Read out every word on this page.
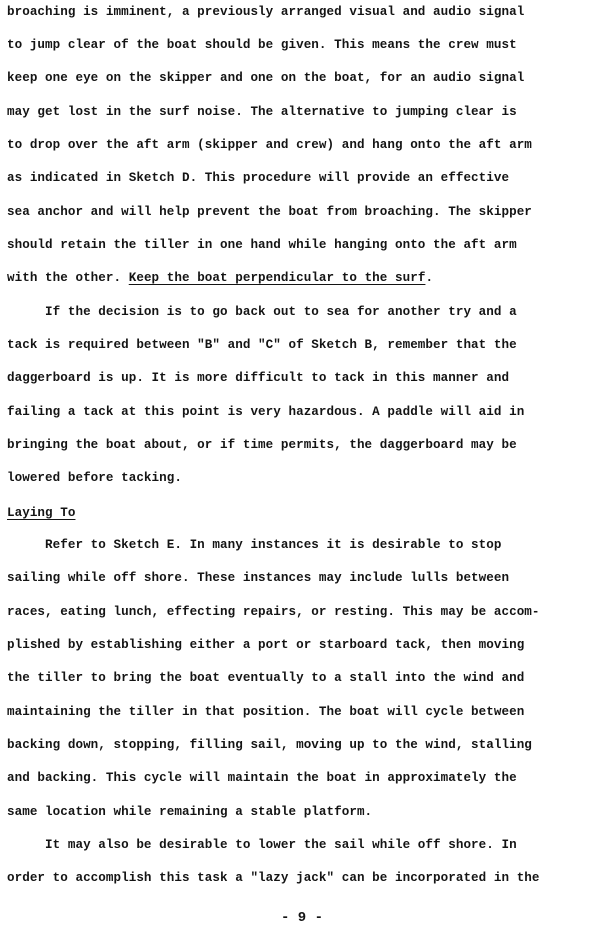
broaching is imminent, a previously arranged visual and audio signal
to jump clear of the boat should be given. This means the crew must
keep one eye on the skipper and one on the boat, for an audio signal
may get lost in the surf noise. The alternative to jumping clear is
to drop over the aft arm (skipper and crew) and hang onto the aft arm
as indicated in Sketch D. This procedure will provide an effective
sea anchor and will help prevent the boat from broaching. The skipper
should retain the tiller in one hand while hanging onto the aft arm
with the other. Keep the boat perpendicular to the surf.
If the decision is to go back out to sea for another try and a
tack is required between "B" and "C" of Sketch B, remember that the
daggerboard is up. It is more difficult to tack in this manner and
failing a tack at this point is very hazardous. A paddle will aid in
bringing the boat about, or if time permits, the daggerboard may be
lowered before tacking.
Laying To
Refer to Sketch E. In many instances it is desirable to stop
sailing while off shore. These instances may include lulls between
races, eating lunch, effecting repairs, or resting. This may be accom-
plished by establishing either a port or starboard tack, then moving
the tiller to bring the boat eventually to a stall into the wind and
maintaining the tiller in that position. The boat will cycle between
backing down, stopping, filling sail, moving up to the wind, stalling
and backing. This cycle will maintain the boat in approximately the
same location while remaining a stable platform.
It may also be desirable to lower the sail while off shore. In
order to accomplish this task a "lazy jack" can be incorporated in the
- 9 -
